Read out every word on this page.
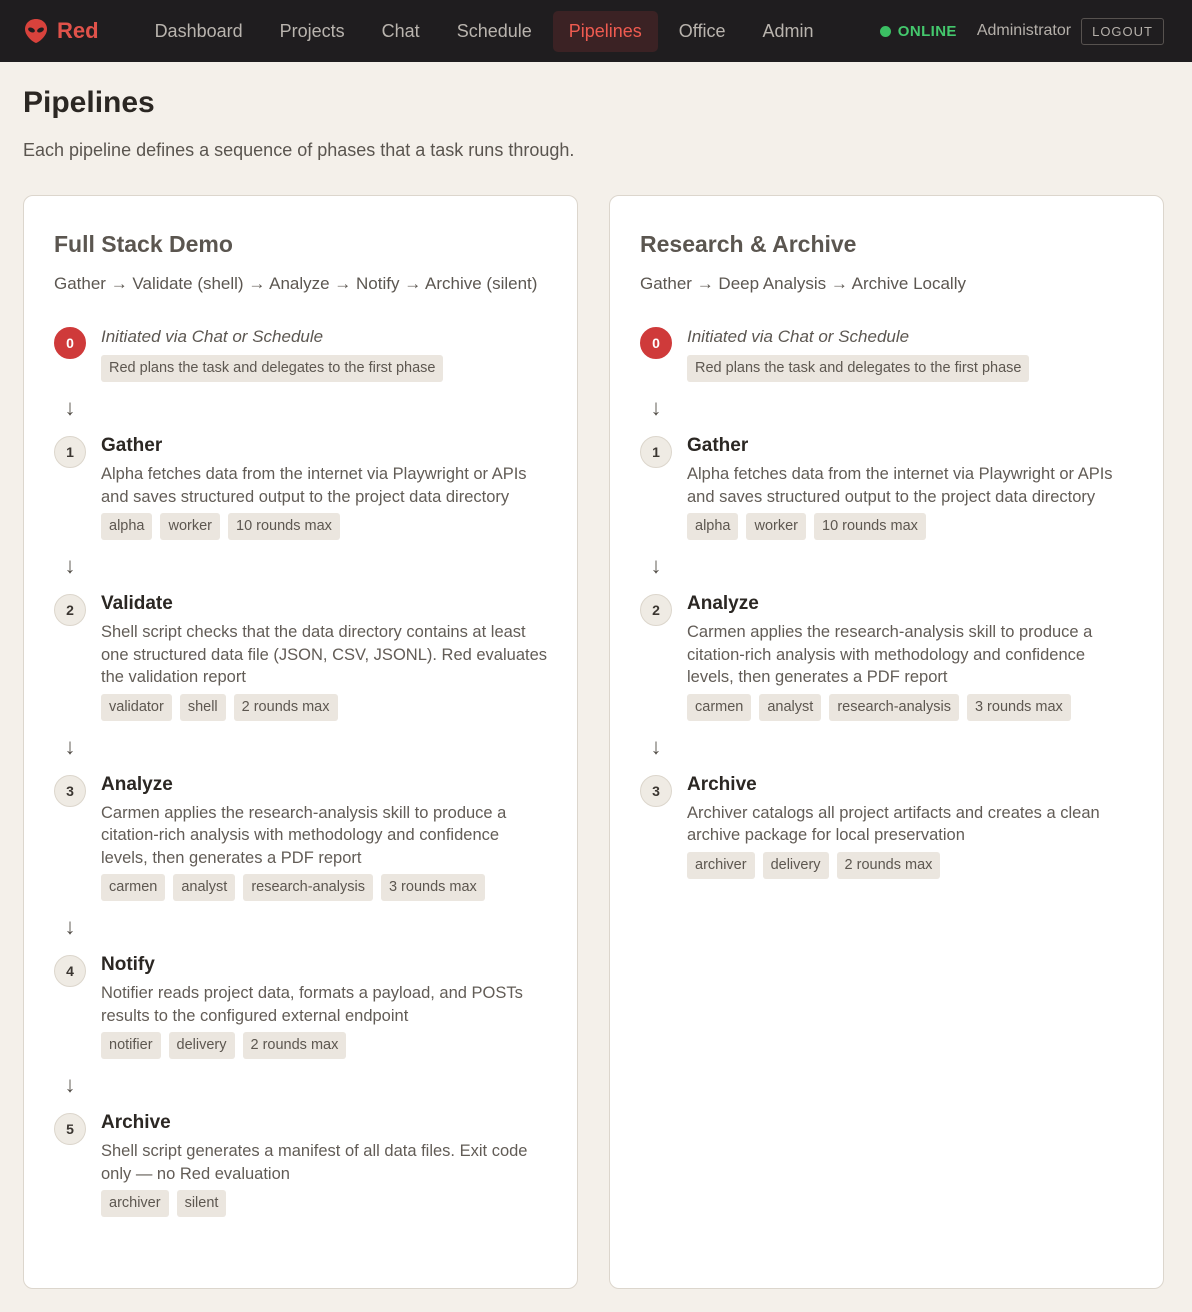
Red	Dashboard	Projects	Chat	Schedule	Pipelines	Office	Admin	ONLINE Administrator	LOGOUT
Pipelines

Each pipeline defines a sequence of phases that a task runs through.

Full Stack Demo

Gather → Validate (shell) → Analyze → Notify → Archive (silent)

0	Initiated via Chat or Schedule
Red plans the task and delegates to the first phase
↓
1	Gather
Alpha fetches data from the internet via Playwright or APIs and saves structured output to the project data directory
alpha	worker	10 rounds max
↓
2	Validate
Shell script checks that the data directory contains at least one structured data file (JSON, CSV, JSONL). Red evaluates the validation report
validator	shell	2 rounds max
↓
3	Analyze
Carmen applies the research-analysis skill to produce a citation-rich analysis with methodology and confidence levels, then generates a PDF report
carmen	analyst	research-analysis	3 rounds max
↓
4	Notify
Notifier reads project data, formats a payload, and POSTs results to the configured external endpoint
notifier	delivery	2 rounds max
↓
5	Archive
Shell script generates a manifest of all data files. Exit code only — no Red evaluation
archiver	silent
Research & Archive

Gather → Deep Analysis → Archive Locally

0	Initiated via Chat or Schedule
Red plans the task and delegates to the first phase
↓
1	Gather
Alpha fetches data from the internet via Playwright or APIs and saves structured output to the project data directory
alpha	worker	10 rounds max
↓
2	Analyze
Carmen applies the research-analysis skill to produce a citation-rich analysis with methodology and confidence levels, then generates a PDF report
carmen	analyst	research-analysis	3 rounds max
↓
3	Archive
Archiver catalogs all project artifacts and creates a clean archive package for local preservation
archiver	delivery	2 rounds max
